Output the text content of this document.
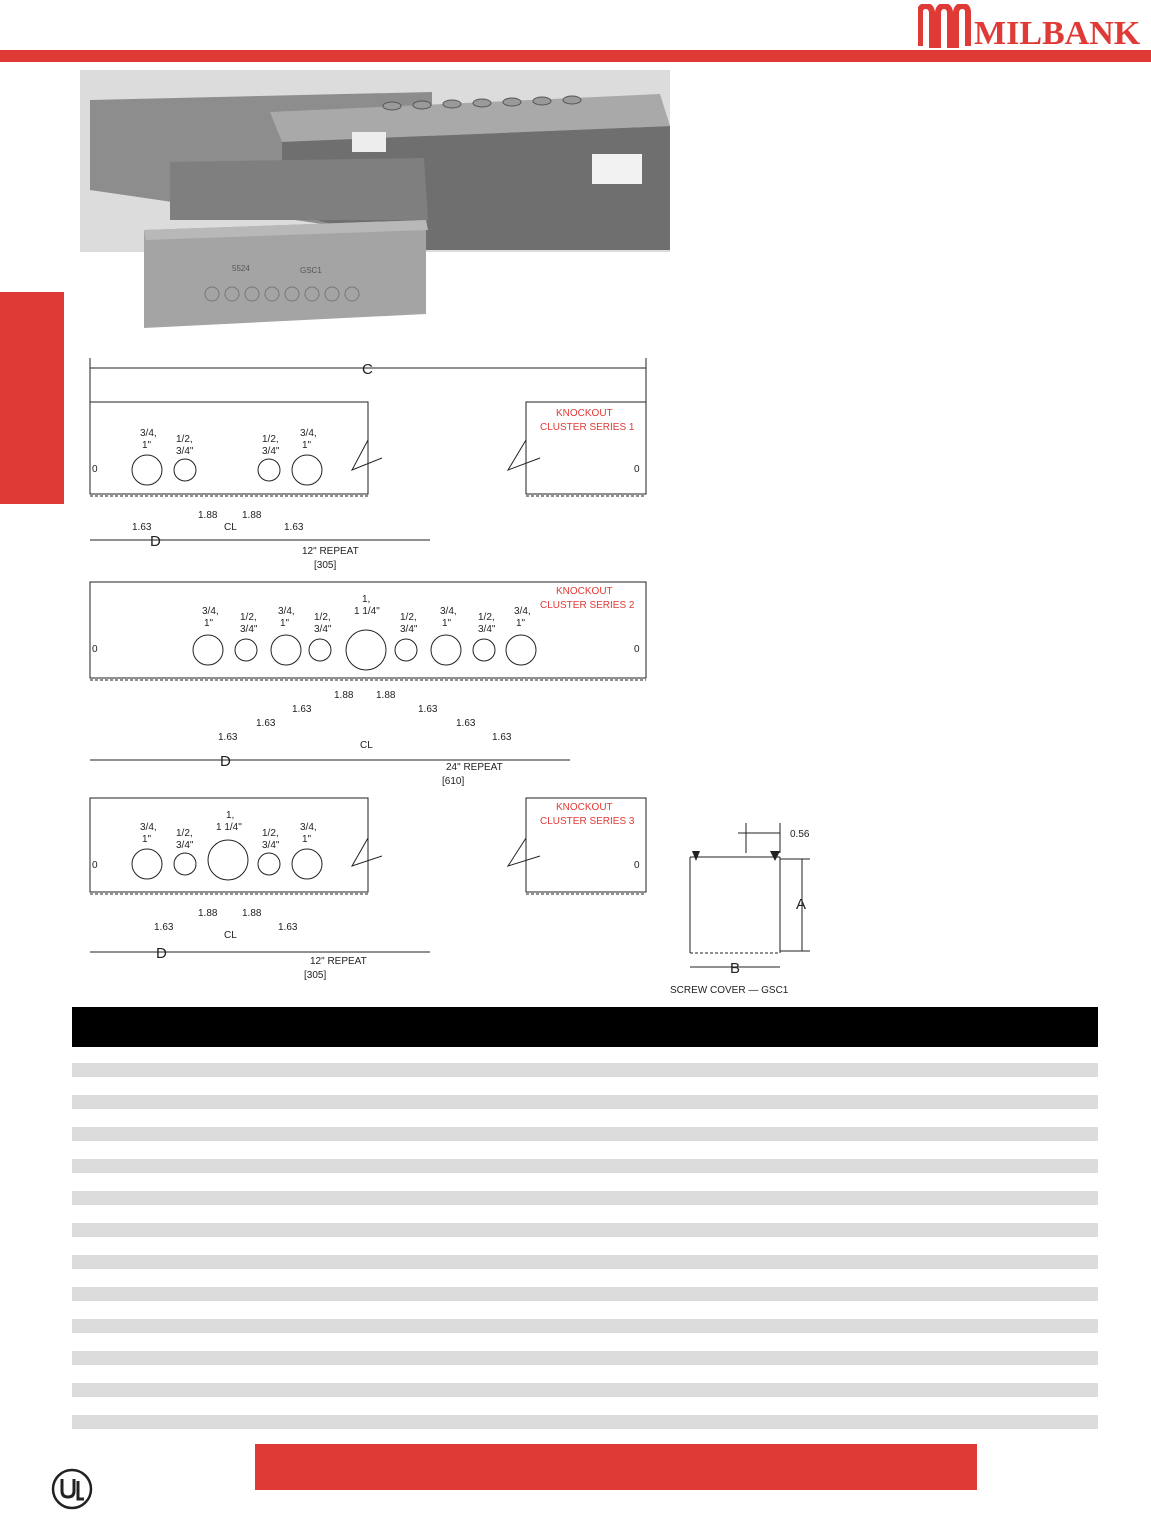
MILBANK
5524	GSC1
C
KNOCKOUT
CLUSTER SERIES 1
0	0
3/4,
1"
1/2,
3/4"
1/2,
3/4"
3/4,
1"
1.63
1.88 1.88
1.63
CL
D
12" REPEAT
[305]
KNOCKOUT
CLUSTER SERIES 2
0	0
3/4,
1"
1/2,
3/4"
3/4,
1"
1/2,
3/4"
1,
1 1/4"
1/2,
3/4"
3/4,
1"
1/2,
3/4"
3/4,
1"
1.63
1.63
1.63
1.88 1.88
1.63
1.63
1.63
CL
D	24" REPEAT
[610]
KNOCKOUT
CLUSTER SERIES 3
0	0
3/4,
1"
1/2,
3/4"
1,
1 1/4"
1/2,
3/4"
3/4,
1"
1.63
1.88 1.88
1.63
CL
D	12" REPEAT
[305]
0.56
A
B
SCREW COVER — GSC1
